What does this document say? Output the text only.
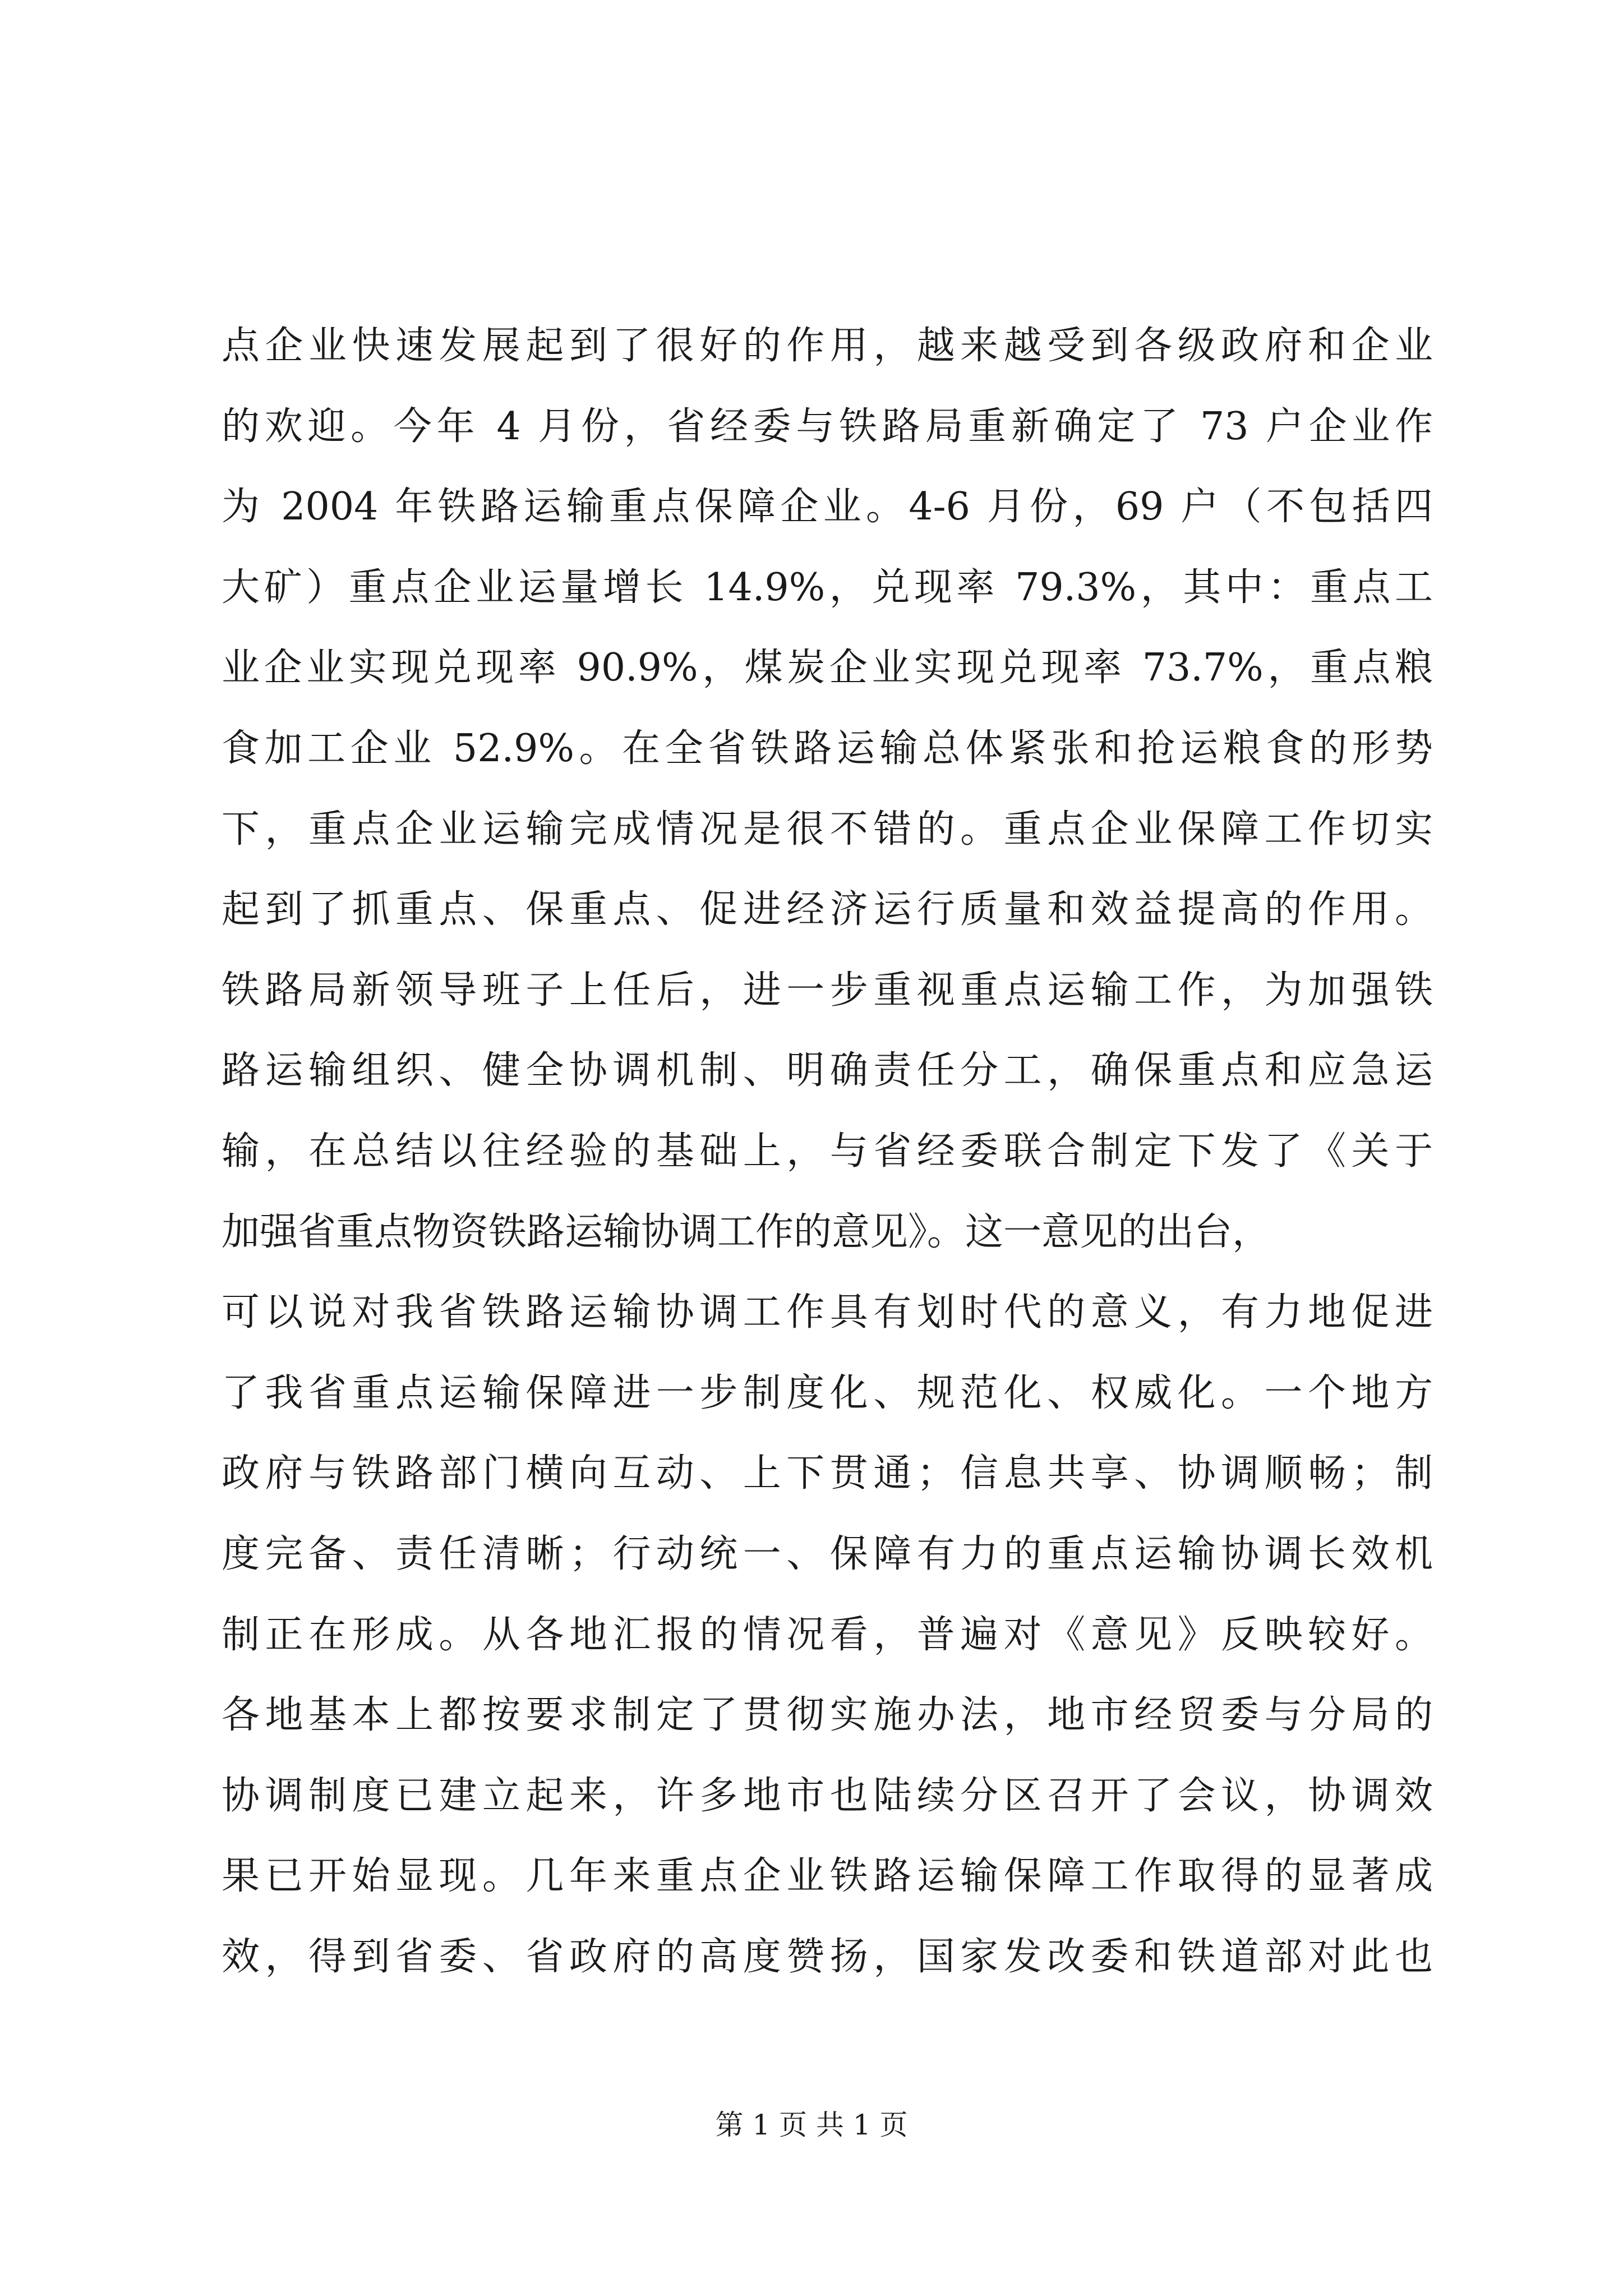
点企业快速发展起到了很好的作用，越来越受到各级政府和企业
的欢迎。今年 4 月份，省经委与铁路局重新确定了 73 户企业作
为 2004 年铁路运输重点保障企业。4-6 月份，69 户（不包括四
大矿）重点企业运量增长 14.9%，兑现率 79.3%，其中：重点工
业企业实现兑现率 90.9%，煤炭企业实现兑现率 73.7%，重点粮
食加工企业 52.9%。在全省铁路运输总体紧张和抢运粮食的形势
下，重点企业运输完成情况是很不错的。重点企业保障工作切实
起到了抓重点、保重点、促进经济运行质量和效益提高的作用。
铁路局新领导班子上任后，进一步重视重点运输工作，为加强铁
路运输组织、健全协调机制、明确责任分工，确保重点和应急运
输，在总结以往经验的基础上，与省经委联合制定下发了《关于
加强省重点物资铁路运输协调工作的意见》。这一意见的出台，
可以说对我省铁路运输协调工作具有划时代的意义，有力地促进
了我省重点运输保障进一步制度化、规范化、权威化。一个地方
政府与铁路部门横向互动、上下贯通；信息共享、协调顺畅；制
度完备、责任清晰；行动统一、保障有力的重点运输协调长效机
制正在形成。从各地汇报的情况看，普遍对《意见》反映较好。
各地基本上都按要求制定了贯彻实施办法，地市经贸委与分局的
协调制度已建立起来，许多地市也陆续分区召开了会议，协调效
果已开始显现。几年来重点企业铁路运输保障工作取得的显著成
效，得到省委、省政府的高度赞扬，国家发改委和铁道部对此也
第 1 页 共 1 页
